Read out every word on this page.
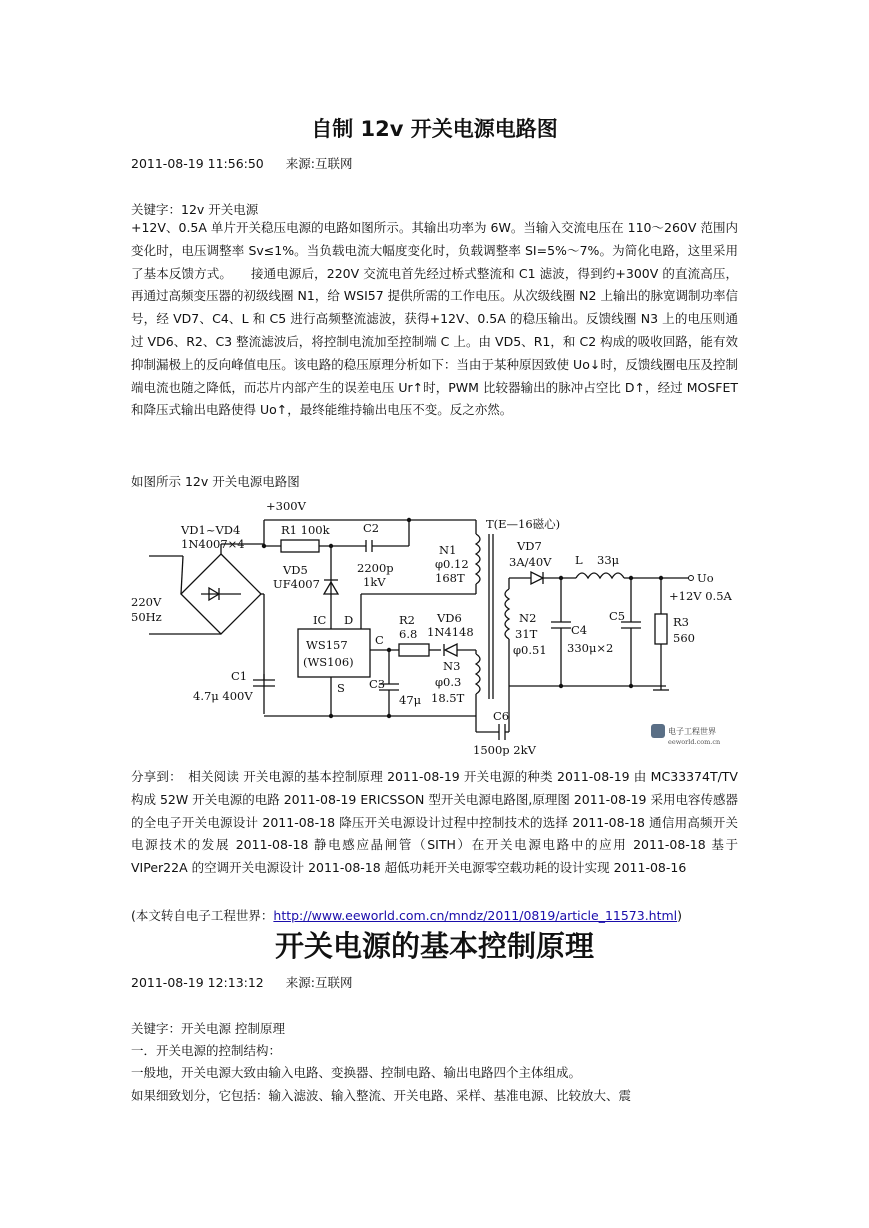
自制 12v 开关电源电路图
2011-08-19 11:56:50 来源:互联网
关键字：12v 开关电源
+12V、0.5A 单片开关稳压电源的电路如图所示。其输出功率为 6W。当输入交流电压在 110～260V 范围内变化时，电压调整率 Sv≤1%。当负载电流大幅度变化时，负载调整率 SI=5%～7%。为简化电路，这里采用了基本反馈方式。　　接通电源后，220V 交流电首先经过桥式整流和 C1 滤波，得到约+300V 的直流高压，再通过高频变压器的初级线圈 N1，给 WSI57 提供所需的工作电压。从次级线圈 N2 上输出的脉宽调制功率信号，经 VD7、C4、L 和 C5 进行高频整流滤波，获得+12V、0.5A 的稳压输出。反馈线圈 N3 上的电压则通过 VD6、R2、C3 整流滤波后，将控制电流加至控制端 C 上。由 VD5、R1，和 C2 构成的吸收回路，能有效抑制漏极上的反向峰值电压。该电路的稳压原理分析如下：当由于某种原因致使 Uo↓时，反馈线圈电压及控制端电流也随之降低，而芯片内部产生的误差电压 Ur↑时，PWM 比较器输出的脉冲占空比 D↑，经过 MOSFET 和降压式输出电路使得 Uo↑，最终能维持输出电压不变。反之亦然。
如图所示 12v 开关电源电路图
+300V
VD1~VD4
1N4007×4
220V
50Hz
C1
4.7μ 400V
R1 100k	C2
2200p
1kV
VD5
UF4007
IC D
WS157
(WS106)
C
S
R2
6.8
VD6
1N4148
C3
47μ
N1
φ0.12
168T
N3
φ0.3
18.5T
T(E—16磁心)
VD7
3A/40V L 33μ
N2
31T
φ0.51
C4
330μ×2
C5	R3
560
Uo
+12V 0.5A
C6
1500p 2kV
电子工程世界
eeworld.com.cn
分享到：　相关阅读 开关电源的基本控制原理 2011-08-19 开关电源的种类 2011-08-19 由 MC33374T/TV 构成 52W 开关电源的电路 2011-08-19 ERICSSON 型开关电源电路图,原理图 2011-08-19 采用电容传感器的全电子开关电源设计 2011-08-18 降压开关电源设计过程中控制技术的选择 2011-08-18 通信用高频开关电源技术的发展 2011-08-18 静电感应晶闸管（SITH）在开关电源电路中的应用 2011-08-18 基于 VIPer22A 的空调开关电源设计 2011-08-18 超低功耗开关电源零空载功耗的设计实现 2011-08-16
(本文转自电子工程世界：http://www.eeworld.com.cn/mndz/2011/0819/article_11573.html)
开关电源的基本控制原理
2011-08-19 12:13:12 来源:互联网
关键字：开关电源 控制原理
一．开关电源的控制结构：
一般地，开关电源大致由输入电路、变换器、控制电路、输出电路四个主体组成。
如果细致划分，它包括：输入滤波、输入整流、开关电路、采样、基准电源、比较放大、震
